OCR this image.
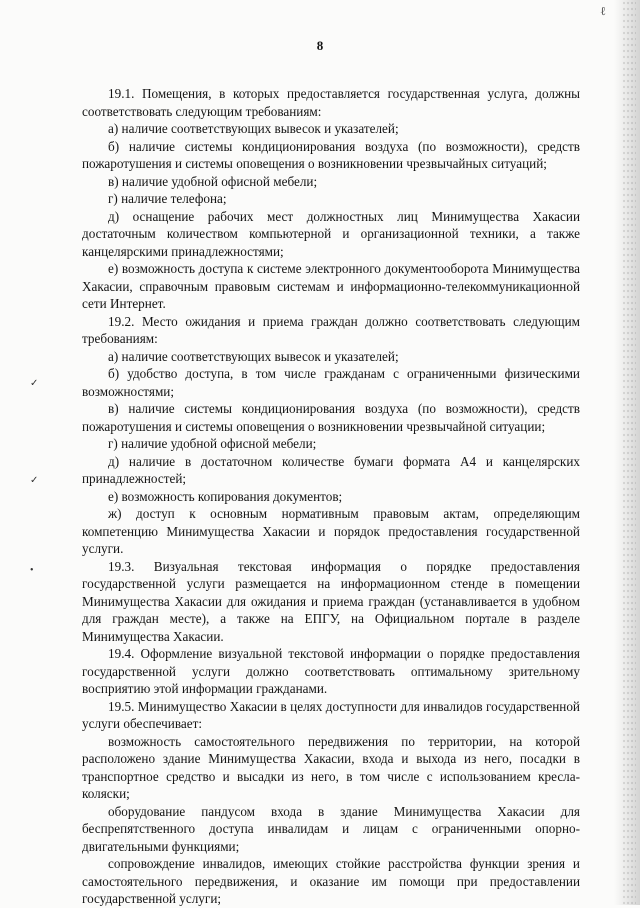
ℓ
8
✓
✓
•

19.1. Помещения, в которых предоставляется государственная услуга, должны соответствовать следующим требованиям:

а) наличие соответствующих вывесок и указателей;

б) наличие системы кондиционирования воздуха (по возможности), средств пожаротушения и системы оповещения о возникновении чрезвычайных ситуаций;

в) наличие удобной офисной мебели;

г) наличие телефона;

д) оснащение рабочих мест должностных лиц Минимущества Хакасии достаточным количеством компьютерной и организационной техники, а также канцелярскими принадлежностями;

е) возможность доступа к системе электронного документооборота Минимущества Хакасии, справочным правовым системам и информационно-телекоммуникационной сети Интернет.

19.2. Место ожидания и приема граждан должно соответствовать следующим требованиям:

а) наличие соответствующих вывесок и указателей;

б) удобство доступа, в том числе гражданам с ограниченными физическими возможностями;

в) наличие системы кондиционирования воздуха (по возможности), средств пожаротушения и системы оповещения о возникновении чрезвычайной ситуации;

г) наличие удобной офисной мебели;

д) наличие в достаточном количестве бумаги формата А4 и канцелярских принадлежностей;

е) возможность копирования документов;

ж) доступ к основным нормативным правовым актам, определяющим компетенцию Минимущества Хакасии и порядок предоставления государственной услуги.

19.3. Визуальная текстовая информация о порядке предоставления государственной услуги размещается на информационном стенде в помещении Минимущества Хакасии для ожидания и приема граждан (устанавливается в удобном для граждан месте), а также на ЕПГУ, на Официальном портале в разделе Минимущества Хакасии.

19.4. Оформление визуальной текстовой информации о порядке предоставления государственной услуги должно соответствовать оптимальному зрительному восприятию этой информации гражданами.

19.5. Минимущество Хакасии в целях доступности для инвалидов государственной услуги обеспечивает:

возможность самостоятельного передвижения по территории, на которой расположено здание Минимущества Хакасии, входа и выхода из него, посадки в транспортное средство и высадки из него, в том числе с использованием кресла-коляски;

оборудование пандусом входа в здание Минимущества Хакасии для беспрепятственного доступа инвалидам и лицам с ограниченными опорно-двигательными функциями;

сопровождение инвалидов, имеющих стойкие расстройства функции зрения и самостоятельного передвижения, и оказание им помощи при предоставлении государственной услуги;
